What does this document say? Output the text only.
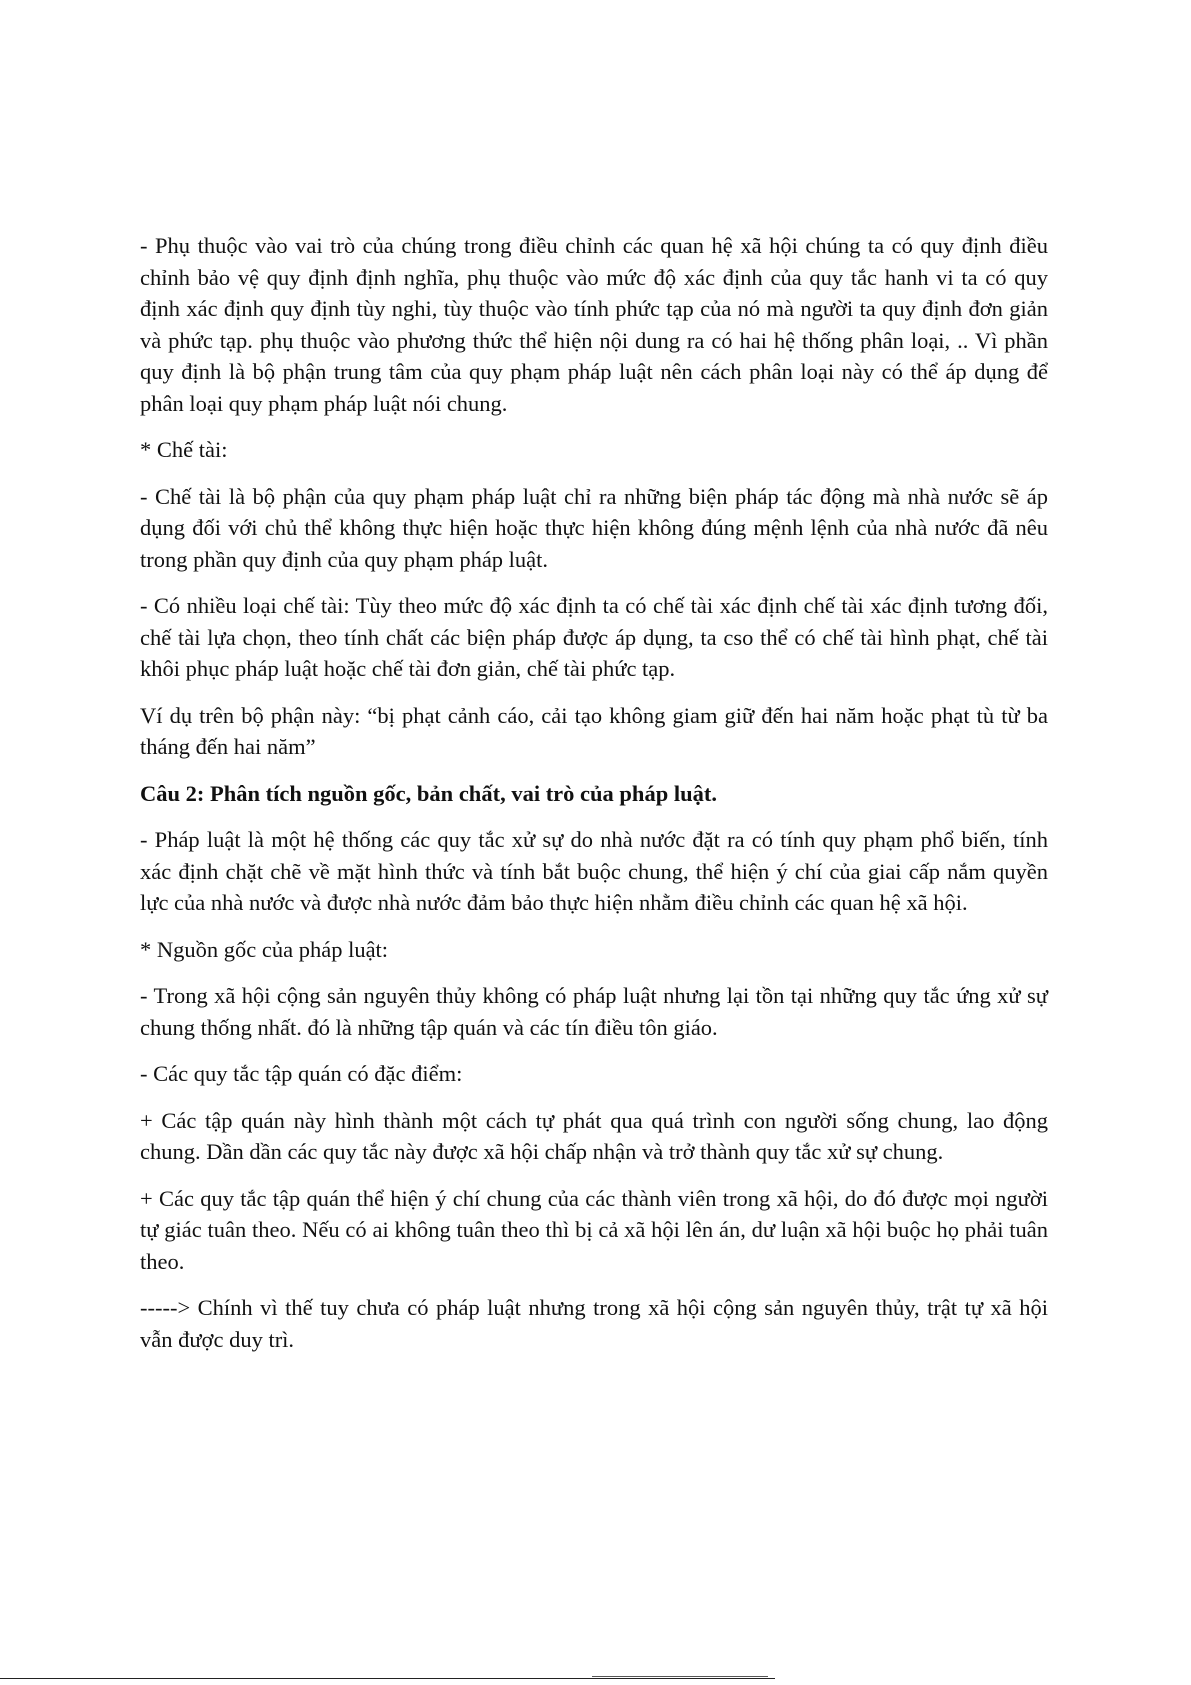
- Phụ thuộc vào vai trò của chúng trong điều chỉnh các quan hệ xã hội chúng ta có quy định điều chỉnh bảo vệ quy định định nghĩa, phụ thuộc vào mức độ xác định của quy tắc hanh vi ta có quy định xác định quy định tùy nghi, tùy thuộc vào tính phức tạp của nó mà người ta quy định đơn giản và phức tạp. phụ thuộc vào phương thức thể hiện nội dung ra có hai hệ thống phân loại, .. Vì phần quy định là bộ phận trung tâm của quy phạm pháp luật nên cách phân loại này có thể áp dụng để phân loại quy phạm pháp luật nói chung.

* Chế tài:

- Chế tài là bộ phận của quy phạm pháp luật chỉ ra những biện pháp tác động mà nhà nước sẽ áp dụng đối với chủ thể không thực hiện hoặc thực hiện không đúng mệnh lệnh của nhà nước đã nêu trong phần quy định của quy phạm pháp luật.

- Có nhiều loại chế tài: Tùy theo mức độ xác định ta có chế tài xác định chế tài xác định tương đối, chế tài lựa chọn, theo tính chất các biện pháp được áp dụng, ta cso thể có chế tài hình phạt, chế tài khôi phục pháp luật hoặc chế tài đơn giản, chế tài phức tạp.

Ví dụ trên bộ phận này: “bị phạt cảnh cáo, cải tạo không giam giữ đến hai năm hoặc phạt tù từ ba tháng đến hai năm”

Câu 2: Phân tích nguồn gốc, bản chất, vai trò của pháp luật.

- Pháp luật là một hệ thống các quy tắc xử sự do nhà nước đặt ra có tính quy phạm phổ biến, tính xác định chặt chẽ về mặt hình thức và tính bắt buộc chung, thể hiện ý chí của giai cấp nắm quyền lực của nhà nước và được nhà nước đảm bảo thực hiện nhằm điều chỉnh các quan hệ xã hội.

* Nguồn gốc của pháp luật:

- Trong xã hội cộng sản nguyên thủy không có pháp luật nhưng lại tồn tại những quy tắc ứng xử sự chung thống nhất. đó là những tập quán và các tín điều tôn giáo.

- Các quy tắc tập quán có đặc điểm:

+ Các tập quán này hình thành một cách tự phát qua quá trình con người sống chung, lao động chung. Dần dần các quy tắc này được xã hội chấp nhận và trở thành quy tắc xử sự chung.

+ Các quy tắc tập quán thể hiện ý chí chung của các thành viên trong xã hội, do đó được mọi người tự giác tuân theo. Nếu có ai không tuân theo thì bị cả xã hội lên án, dư luận xã hội buộc họ phải tuân theo.

-----> Chính vì thế tuy chưa có pháp luật nhưng trong xã hội cộng sản nguyên thủy, trật tự xã hội vẫn được duy trì.
